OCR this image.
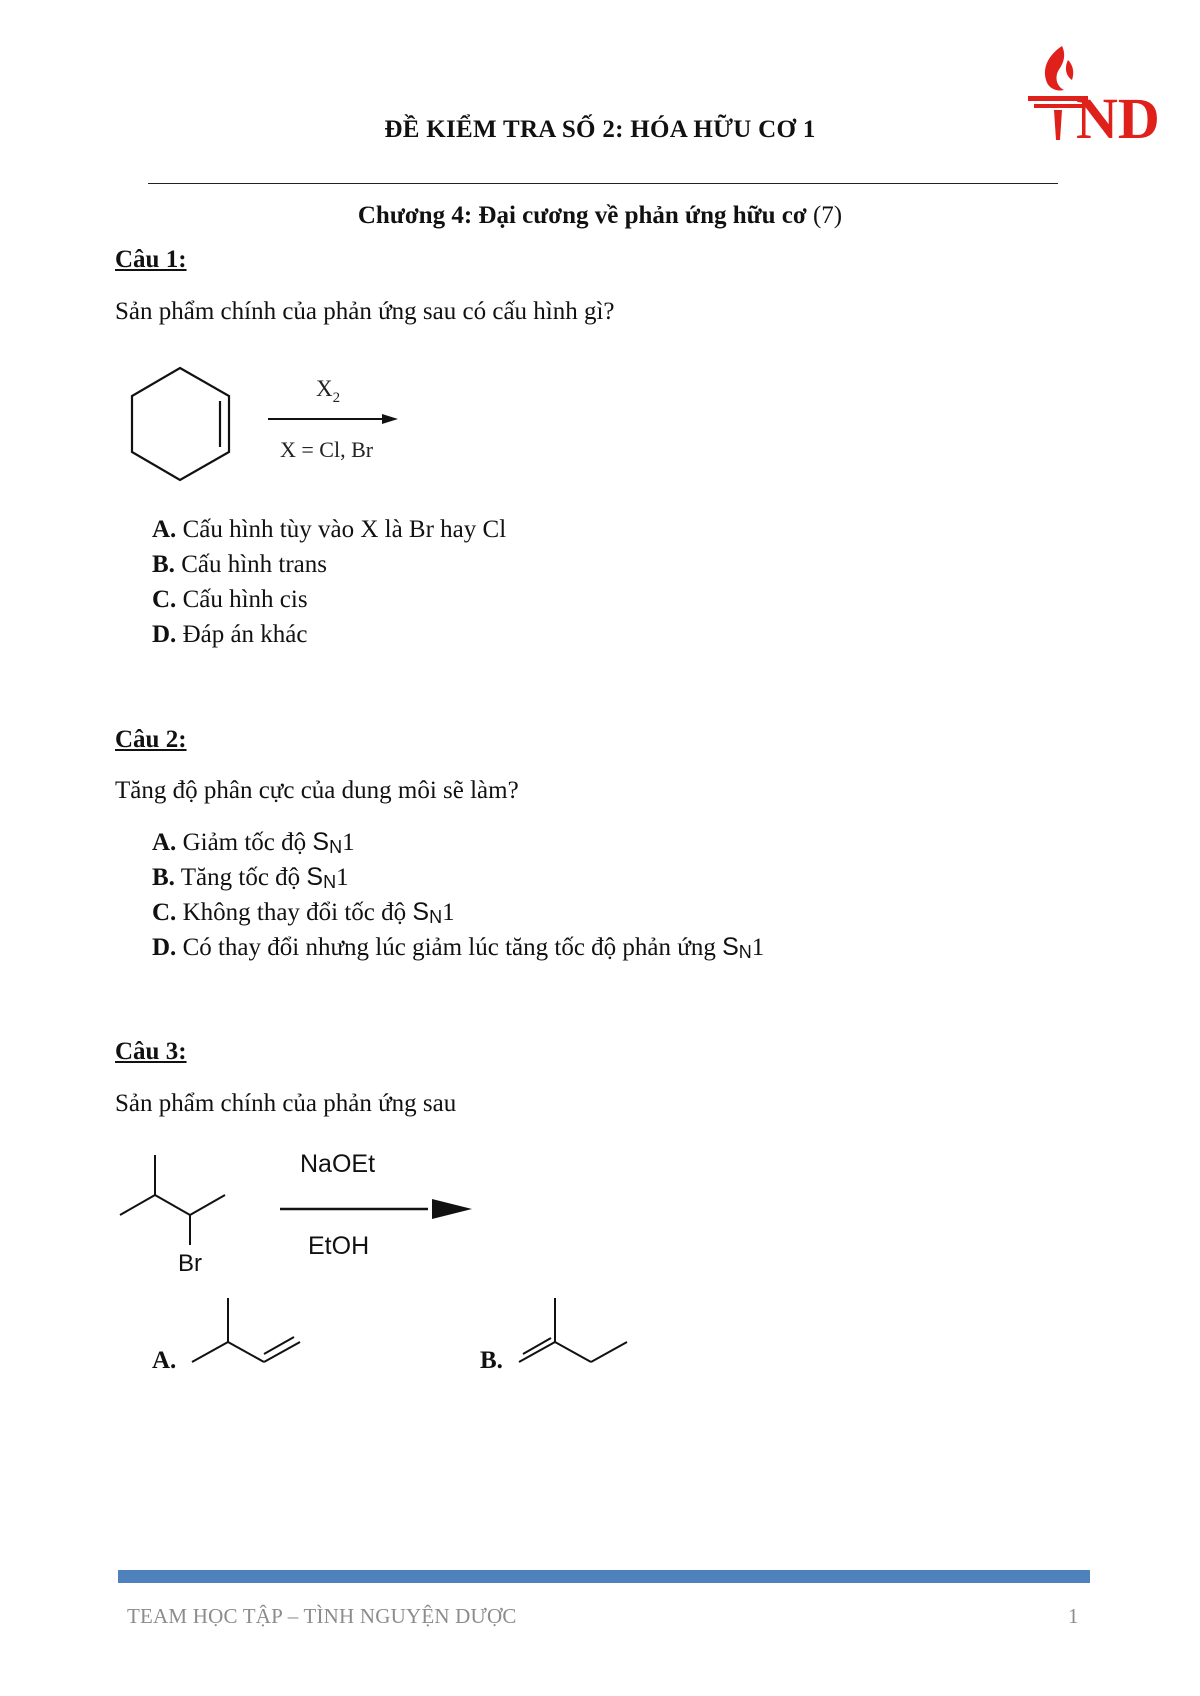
ND
ĐỀ KIỂM TRA SỐ 2: HÓA HỮU CƠ 1
Chương 4: Đại cương về phản ứng hữu cơ (7)
Câu 1:
Sản phẩm chính của phản ứng sau có cấu hình gì?
$X_2$
X = Cl, Br
A. Cấu hình tùy vào X là Br hay Cl
B. Cấu hình trans
C. Cấu hình cis
D. Đáp án khác
Câu 2:
Tăng độ phân cực của dung môi sẽ làm?
A. Giảm tốc độ $S_N1$
B. Tăng tốc độ $S_N1$
C. Không thay đổi tốc độ $S_N1$
D. Có thay đổi nhưng lúc giảm lúc tăng tốc độ phản ứng $S_N1$
Câu 3:
Sản phẩm chính của phản ứng sau
Br
NaOEt
EtOH
A.	B.
TEAM HỌC TẬP – TÌNH NGUYỆN DƯỢC	1
